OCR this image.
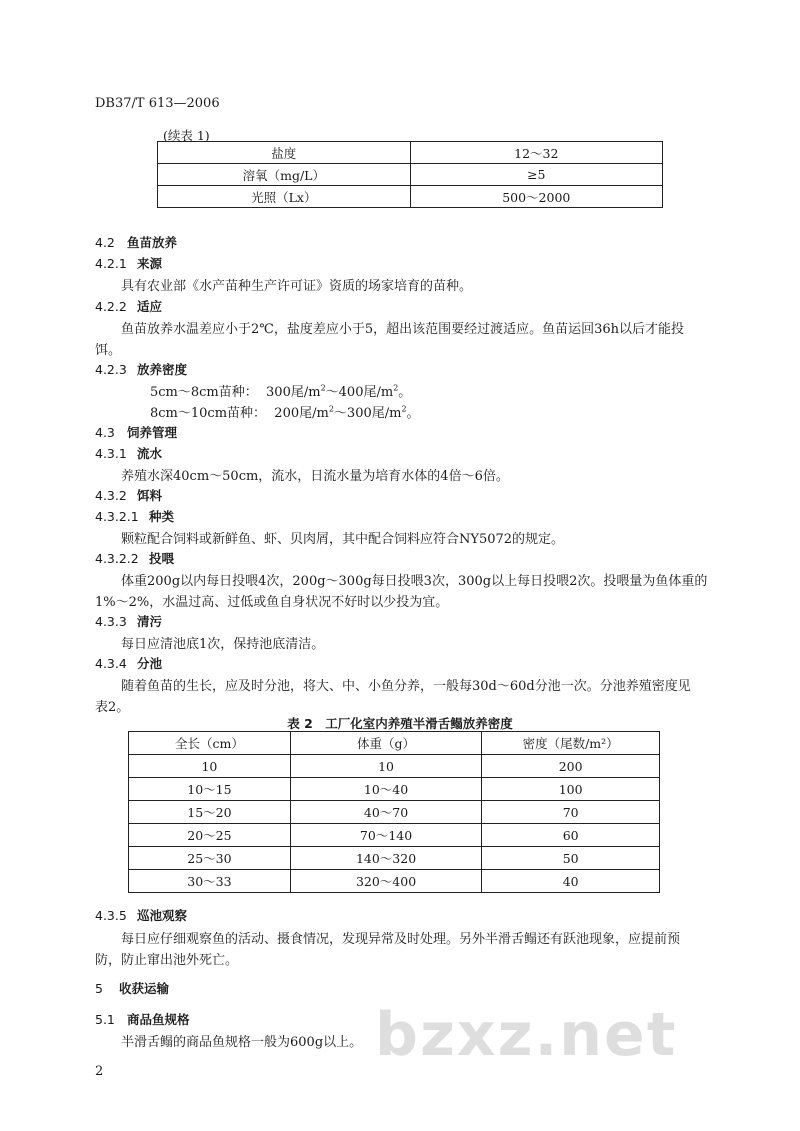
DB37/T 613—2006
(续表 1)
盐度	12～32
溶氧（mg/L）	≥5
光照（Lx）	500～2000
4.2 鱼苗放养
4.2.1 来源
具有农业部《水产苗种生产许可证》资质的场家培育的苗种。
4.2.2 适应
鱼苗放养水温差应小于2℃，盐度差应小于5，超出该范围要经过渡适应。鱼苗运回36h以后才能投
饵。
4.2.3 放养密度
5cm～8cm苗种： 300尾$/m^2\sim 400$尾$/m^2$。
8cm～10cm苗种： 200尾$/m^2\sim 300$尾$/m^2$。
4.3 饲养管理
4.3.1 流水
养殖水深40cm～50cm，流水，日流水量为培育水体的4倍～6倍。
4.3.2 饵料
4.3.2.1 种类
颗粒配合饲料或新鲜鱼、虾、贝肉屑，其中配合饲料应符合NY5072的规定。
4.3.2.2 投喂
体重200g以内每日投喂4次，200g～300g每日投喂3次，300g以上每日投喂2次。投喂量为鱼体重的
1%～2%，水温过高、过低或鱼自身状况不好时以少投为宜。
4.3.3 清污
每日应清池底1次，保持池底清洁。
4.3.4 分池
随着鱼苗的生长，应及时分池，将大、中、小鱼分养，一般每30d～60d分池一次。分池养殖密度见
表2。
表 2　工厂化室内养殖半滑舌鳎放养密度
全长（cm）	体重（g）	密度（尾数/m²）
10	10	200
10～15	10～40	100
15～20	40～70	70
20～25	70～140	60
25～30	140～320	50
30～33	320～400	40
4.3.5 巡池观察
每日应仔细观察鱼的活动、摄食情况，发现异常及时处理。另外半滑舌鳎还有跃池现象，应提前预
防，防止窜出池外死亡。
5 收获运输
5.1 商品鱼规格
半滑舌鳎的商品鱼规格一般为600g以上。 bzxz.net
2
